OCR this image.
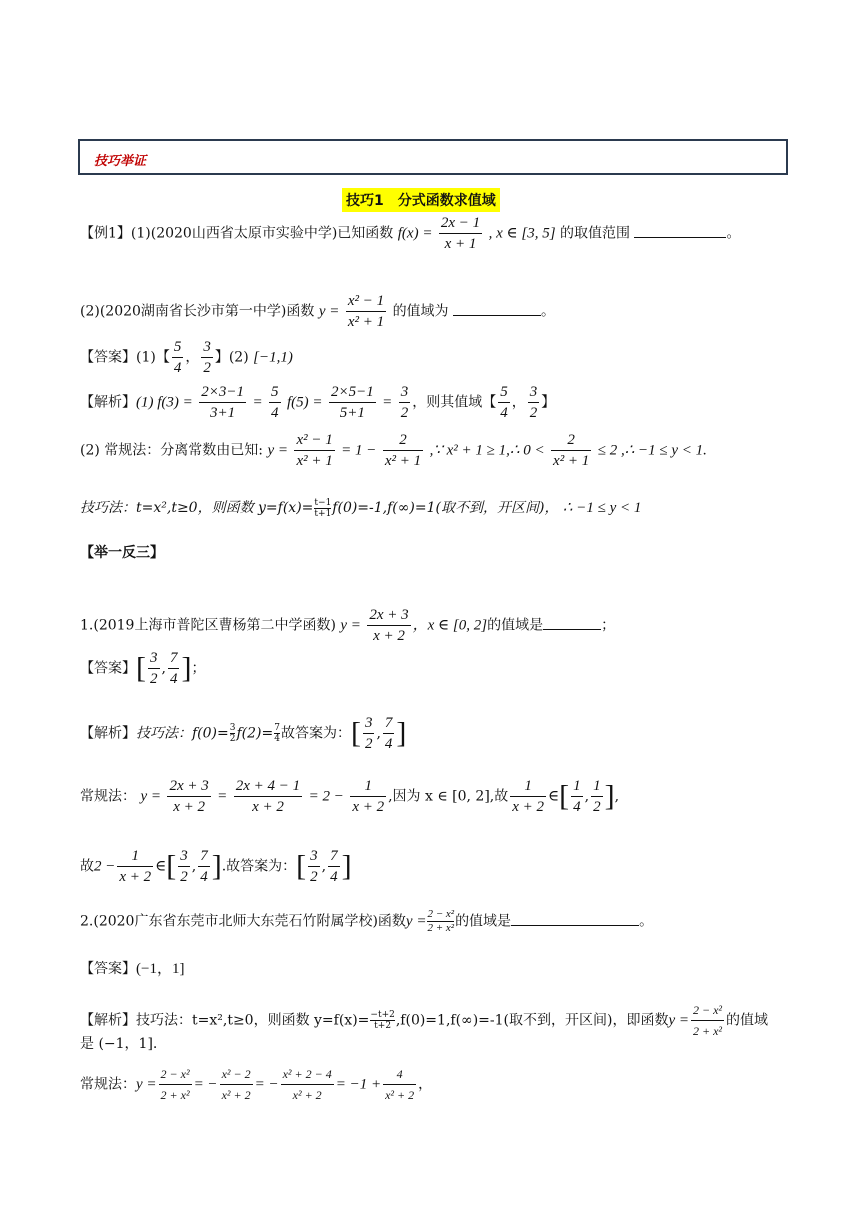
技巧举证
技巧1　分式函数求值域
【例1】(1)(2020山西省太原市实验中学)已知函数 $f(x) = \frac{2x - 1}{x + 1}$ , x ∈ [3, 5] 的取值范围	。
(2)(2020湖南省长沙市第一中学)函数 $y = \frac{\text{x² − 1}}{\text{x² + 1}}$ 的值域为	。
【答案】(1)【 $\frac{5}{4}$ ， $\frac{3}{2}$ 】(2) [−1,1)
【解析】(1) $f(3) = \frac{2\times 3-1}{3+1} = \frac{5}{4} f(5) = \frac{2\times 5-1}{5+1} = \frac{3}{2}$ ，则其值域【 $\frac{5}{4}$ ， $\frac{3}{2}$ 】
(2) 常规法：分离常数由已知: $y = \frac{\text{x² − 1}}{\text{x² + 1}} = 1 - \frac{2}{\text{x² + 1}}$ ,∵ x² + 1 ≥ 1,∴ $0 < \frac{2}{\text{x² + 1}} \le 2$ ,∴ −1 ≤ y < 1.
技巧法：t=x²,t≥0，则函数 $y=f(x)= \frac{t-1}{t+1} f(0)=-1,f(\infty)=1$(取不到，开区间)， ∴ −1 ≤ y < 1
【举一反三】
1.(2019上海市普陀区曹杨第二中学函数) $y = \frac{2x + 3}{x + 2}$ ，x ∈ [0, 2]的值域是	；
【答案】[ $\frac{3}{2}$ , $\frac{7}{4}$ ]；
【解析】技巧法：$f(0)= \frac{3}{2} f(2)= \frac{7}{4}$ 故答案为：[ $\frac{3}{2}$ , $\frac{7}{4}$ ]
常规法： $y = \frac{2x + 3}{x + 2} = \frac{2x + 4 - 1}{x + 2} = 2 - \frac{1}{x + 2}$ ,因为 x ∈ [0, 2],故 $\frac{1}{x + 2}$ ∈[ $\frac{1}{4}$ , $\frac{1}{2}$ ],
故$2 - \frac{1}{x + 2}$ ∈[ $\frac{3}{2}$ , $\frac{7}{4}$ ].故答案为：[ $\frac{3}{2}$ , $\frac{7}{4}$ ]
2.(2020广东省东莞市北师大东莞石竹附属学校)函数$y = \frac{\text{2 − x²}}{\text{2 + x²}}$ 的值域是	。
【答案】(−1，1]
【解析】技巧法：t=x²,t≥0，则函数 $y=f(x)= \frac{-t+2}{t+2} ,f(0)=1,f(\infty)=-1$(取不到，开区间)，即函数$y = \frac{\text{2 − x²}}{\text{2 + x²}}$ 的值域
是 (−1，1].
常规法：$y = \frac{\text{2 − x²}}{\text{2 + x²}}$ = − $\frac{\text{x² − 2}}{\text{x² + 2}}$ = − $\frac{\text{x² + 2 − 4}}{\text{x² + 2}} = -1 + \frac{4}{\text{x² + 2}}$ ，
